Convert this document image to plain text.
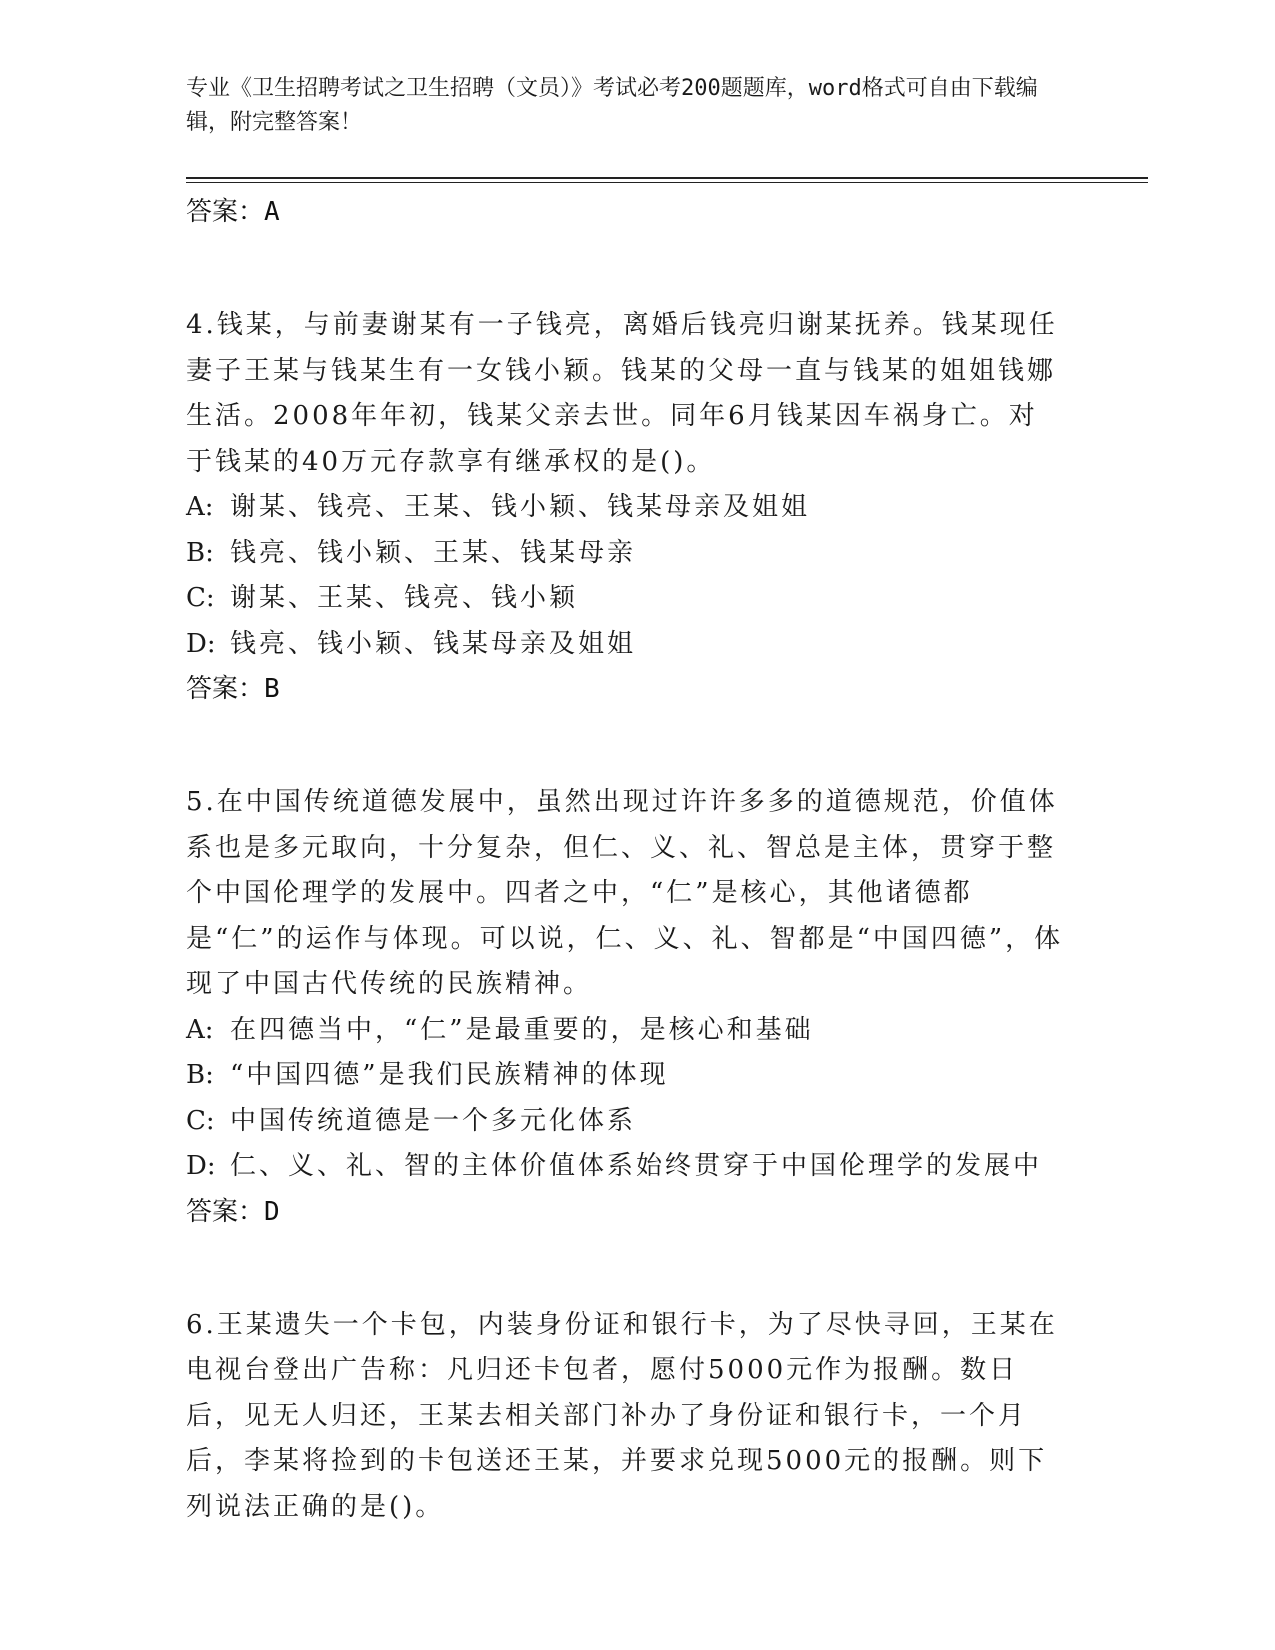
专业《卫生招聘考试之卫生招聘（文员）》考试必考200题题库，word格式可自由下载编辑，附完整答案！
答案：A
4.钱某，与前妻谢某有一子钱亮，离婚后钱亮归谢某抚养。钱某现任妻子王某与钱某生有一女钱小颖。钱某的父母一直与钱某的姐姐钱娜生活。2008年年初，钱某父亲去世。同年6月钱某因车祸身亡。对于钱某的40万元存款享有继承权的是()。
A: 谢某、钱亮、王某、钱小颖、钱某母亲及姐姐
B: 钱亮、钱小颖、王某、钱某母亲
C: 谢某、王某、钱亮、钱小颖
D: 钱亮、钱小颖、钱某母亲及姐姐
答案：B
5.在中国传统道德发展中，虽然出现过许许多多的道德规范，价值体系也是多元取向，十分复杂，但仁、义、礼、智总是主体，贯穿于整个中国伦理学的发展中。四者之中，“仁”是核心，其他诸德都是“仁”的运作与体现。可以说，仁、义、礼、智都是“中国四德”，体现了中国古代传统的民族精神。
A: 在四德当中，“仁”是最重要的，是核心和基础
B: “中国四德”是我们民族精神的体现
C: 中国传统道德是一个多元化体系
D: 仁、义、礼、智的主体价值体系始终贯穿于中国伦理学的发展中
答案：D
6.王某遗失一个卡包，内装身份证和银行卡，为了尽快寻回，王某在电视台登出广告称：凡归还卡包者，愿付5000元作为报酬。数日后，见无人归还，王某去相关部门补办了身份证和银行卡，一个月后，李某将捡到的卡包送还王某，并要求兑现5000元的报酬。则下列说法正确的是()。
